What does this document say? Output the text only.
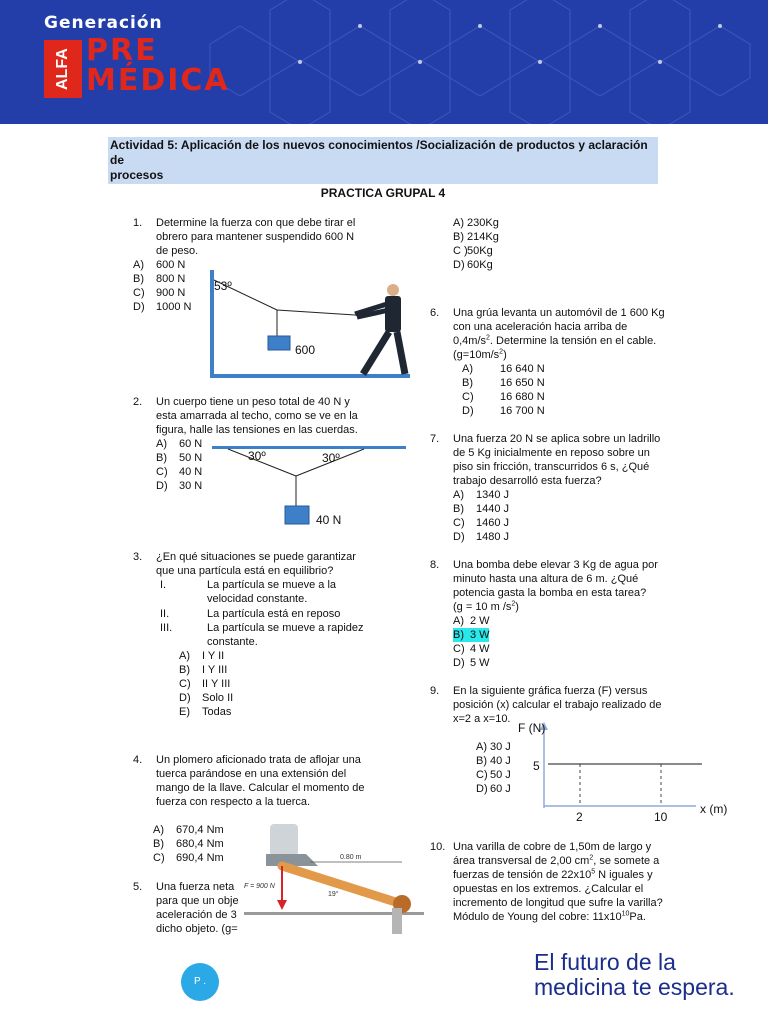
Generación
ALFA PRE
MÉDICA
Actividad 5: Aplicación de los nuevos conocimientos /Socialización de productos y aclaración de
procesos
PRACTICA GRUPAL 4
1. Determine la fuerza con que debe tirar el
obrero para mantener suspendido 600 N
de peso.
A) 600 N
B) 800 N
C) 900 N
D) 1000 N
53º
600
2. Un cuerpo tiene un peso total de 40 N y
esta amarrada al techo, como se ve en la
figura, halle las tensiones en las cuerdas.
A) 60 N
B) 50 N
C) 40 N
D) 30 N
30º	30º
40 N
3. ¿En qué situaciones se puede garantizar
que una partícula está en equilibrio?
I.	La partícula se mueve a la
velocidad constante.
II.	La partícula está en reposo
III.	La partícula se mueve a rapidez
constante.
A) I Y II
B) I Y III
C) II Y III
D) Solo II
E) Todas
4. Un plomero aficionado trata de aflojar una
tuerca parándose en una extensión del
mango de la llave. Calcular el momento de
fuerza con respecto a la tuerca.
A) 670,4 Nm
B) 680,4 Nm
C) 690,4 Nm
5. Una fuerza neta
para que un obje
aceleración de 3
dicho objeto. (g=
A) 230Kg
B) 214Kg
C ) 50Kg
D) 60Kg
F = 900 N
0.80 m
19°
6. Una grúa levanta un automóvil de 1 600 Kg
con una aceleración hacia arriba de
$0,4m/s^2$. Determine la tensión en el cable.
$(g=10m/s^2)$
A) 16 640 N
B) 16 650 N
C) 16 680 N
D) 16 700 N
7. Una fuerza 20 N se aplica sobre un ladrillo
de 5 Kg inicialmente en reposo sobre un
piso sin fricción, transcurridos 6 s, ¿Qué
trabajo desarrolló esta fuerza?
A) 1340 J
B) 1440 J
C) 1460 J
D) 1480 J
8. Una bomba debe elevar 3 Kg de agua por
minuto hasta una altura de 6 m. ¿Qué
potencia gasta la bomba en esta tarea?
(g = 10 m $/s^2$)
A) 2 W
B) 3 W
C) 4 W
D) 5 W
9. En la siguiente gráfica fuerza (F) versus
posición (x) calcular el trabajo realizado de
x=2 a x=10.
A) 30 J
B) 40 J
C) 50 J
D) 60 J
F (N)
x (m)
5
2	10
10. Una varilla de cobre de 1,50m de largo y
área transversal de 2,00 $cm^2$, se somete a
fuerzas de tensión de $22x10^5$ N iguales y
opuestas en los extremos. ¿Calcular el
incremento de longitud que sufre la varilla?
Módulo de Young del cobre: $11x10^{10}Pa$.
P .
El futuro de la
medicina te espera.
